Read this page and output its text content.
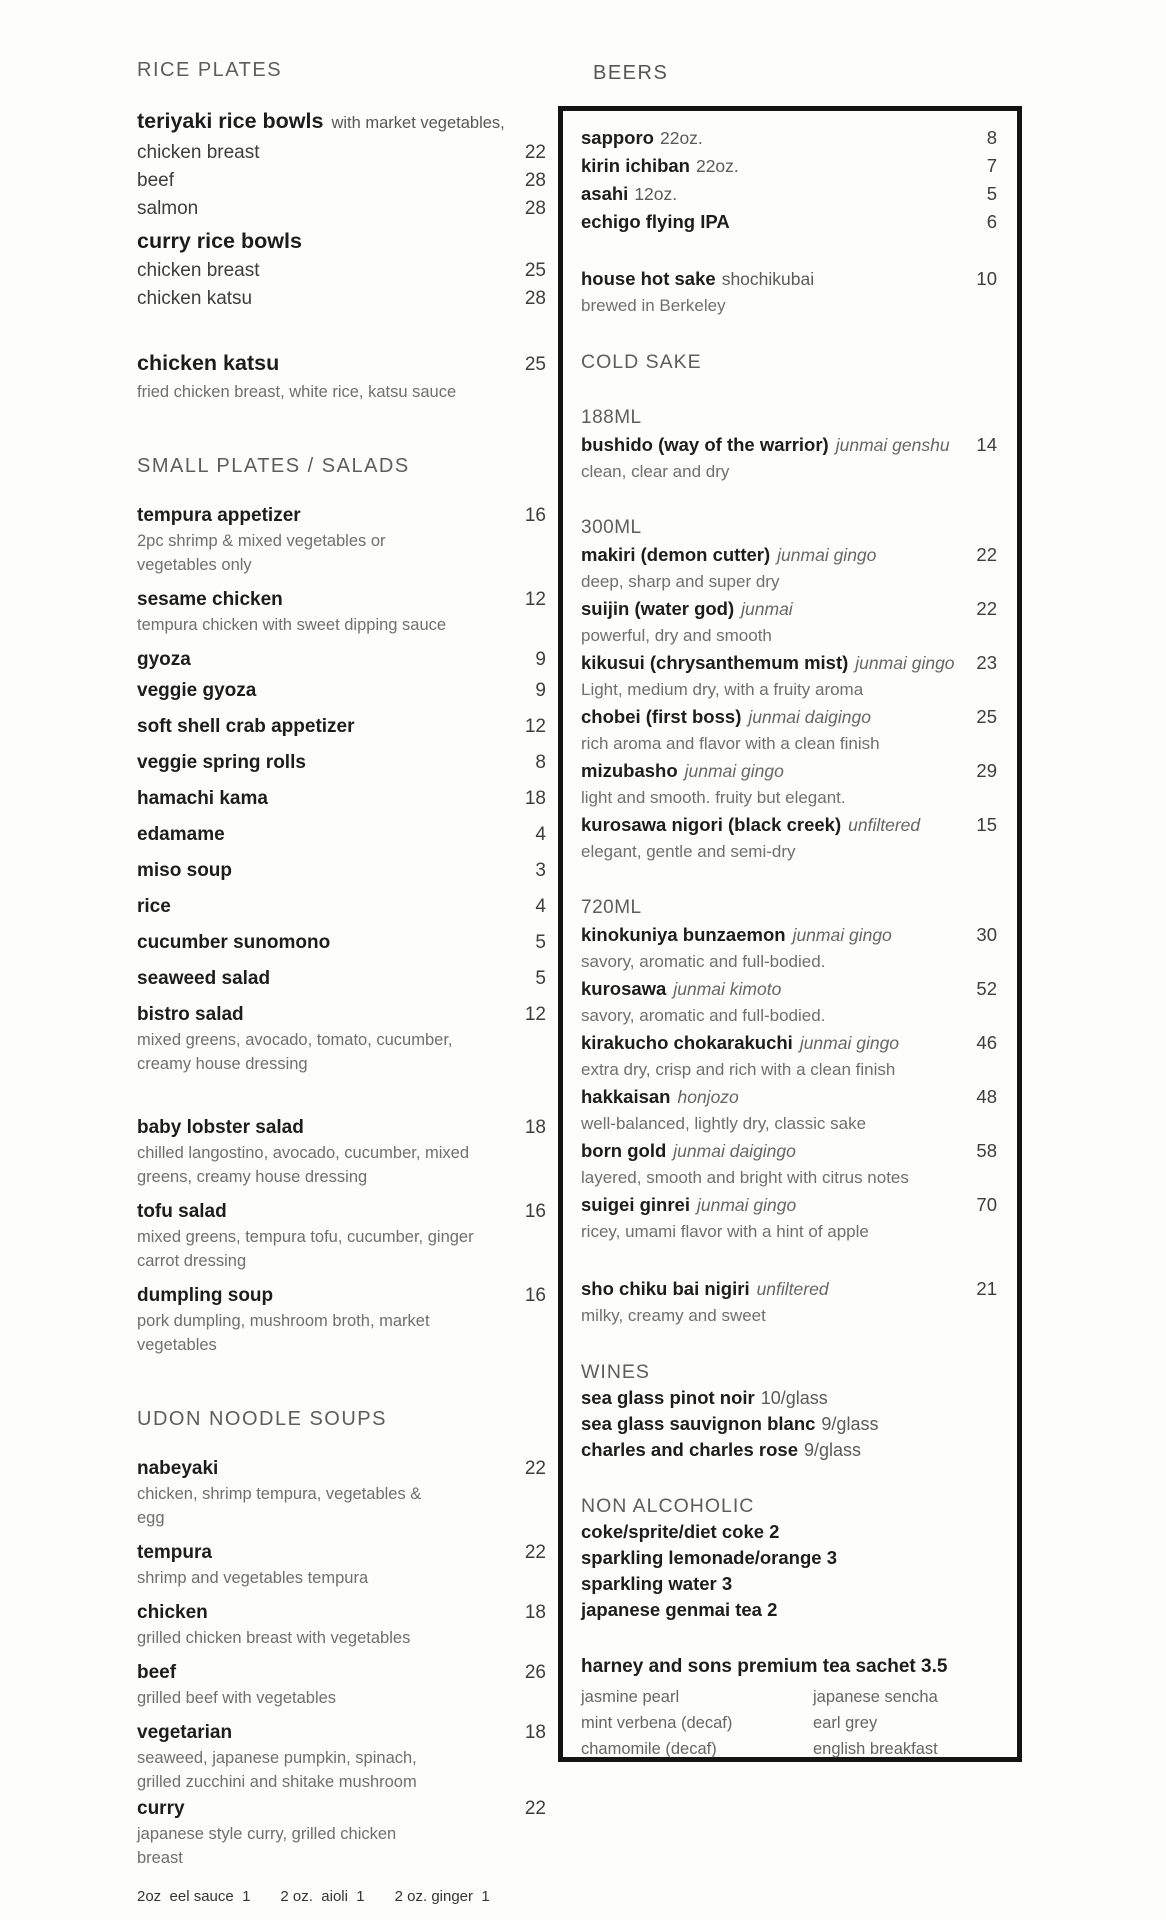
RICE PLATES
teriyaki rice bowls with market vegetables,
chicken breast	22
beef	28
salmon	28
curry rice bowls
chicken breast	25
chicken katsu	28
chicken katsu	25
fried chicken breast, white rice, katsu sauce
SMALL PLATES / SALADS
tempura appetizer	16
2pc shrimp & mixed vegetables or
vegetables only
sesame chicken	12
tempura chicken with sweet dipping sauce
gyoza	9
veggie gyoza	9
soft shell crab appetizer	12
veggie spring rolls	8
hamachi kama	18
edamame	4
miso soup	3
rice	4
cucumber sunomono	5
seaweed salad	5
bistro salad	12
mixed greens, avocado, tomato, cucumber,
creamy house dressing
baby lobster salad	18
chilled langostino, avocado, cucumber, mixed
greens, creamy house dressing
tofu salad	16
mixed greens, tempura tofu, cucumber, ginger
carrot dressing
dumpling soup	16
pork dumpling, mushroom broth, market
vegetables
UDON NOODLE SOUPS
nabeyaki	22
chicken, shrimp tempura, vegetables &
egg
tempura	22
shrimp and vegetables tempura
chicken	18
grilled chicken breast with vegetables
beef	26
grilled beef with vegetables
vegetarian	18
seaweed, japanese pumpkin, spinach,
grilled zucchini and shitake mushroom
curry	22
japanese style curry, grilled chicken
breast
2oz  eel sauce  1 2 oz.  aioli  1 2 oz. ginger  1
BEERS
sapporo 22oz.	8
kirin ichiban 22oz.	7
asahi 12oz.	5
echigo flying IPA	6
house hot sake shochikubai	10
brewed in Berkeley
COLD SAKE
188ML
bushido (way of the warrior) junmai genshu	14
clean, clear and dry
300ML
makiri (demon cutter) junmai gingo	22
deep, sharp and super dry
suijin (water god) junmai	22
powerful, dry and smooth
kikusui (chrysanthemum mist) junmai gingo	23
Light, medium dry, with a fruity aroma
chobei (first boss) junmai daigingo	25
rich aroma and flavor with a clean finish
mizubasho junmai gingo	29
light and smooth. fruity but elegant.
kurosawa nigori (black creek) unfiltered	15
elegant, gentle and semi-dry
720ML
kinokuniya bunzaemon junmai gingo	30
savory, aromatic and full-bodied.
kurosawa junmai kimoto	52
savory, aromatic and full-bodied.
kirakucho chokarakuchi junmai gingo	46
extra dry, crisp and rich with a clean finish
hakkaisan honjozo	48
well-balanced, lightly dry, classic sake
born gold junmai daigingo	58
layered, smooth and bright with citrus notes
suigei ginrei junmai gingo	70
ricey, umami flavor with a hint of apple
sho chiku bai nigiri unfiltered	21
milky, creamy and sweet
WINES
sea glass pinot noir 10/glass
sea glass sauvignon blanc 9/glass
charles and charles rose 9/glass
NON ALCOHOLIC
coke/sprite/diet coke 2
sparkling lemonade/orange 3
sparkling water 3
japanese genmai tea 2
harney and sons premium tea sachet 3.5
jasmine pearl	japanese sencha
mint verbena (decaf)	earl grey
chamomile (decaf)	english breakfast
